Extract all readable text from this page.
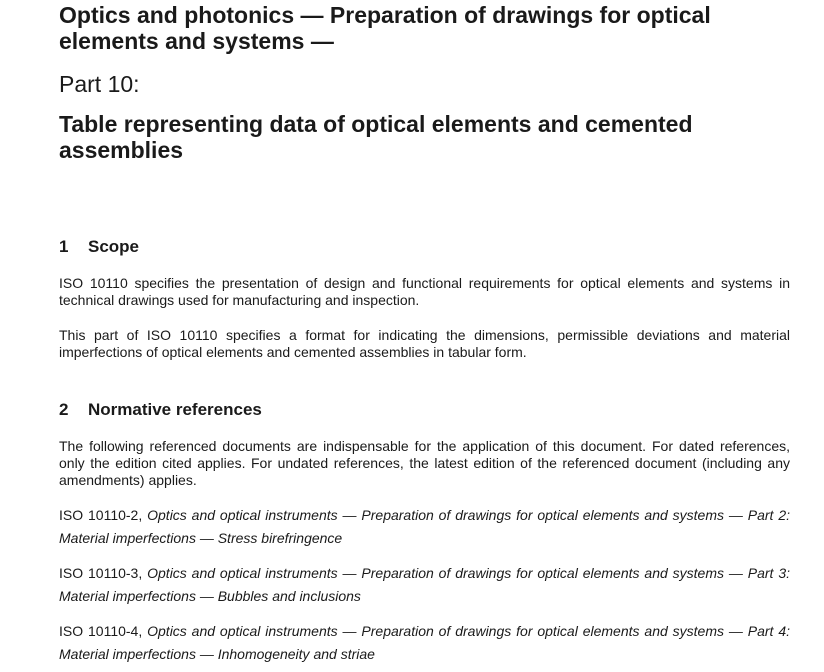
Optics and photonics — Preparation of drawings for optical elements and systems —
Part 10:
Table representing data of optical elements and cemented assemblies
1 Scope

ISO 10110 specifies the presentation of design and functional requirements for optical elements and systems in technical drawings used for manufacturing and inspection.

This part of ISO 10110 specifies a format for indicating the dimensions, permissible deviations and material imperfections of optical elements and cemented assemblies in tabular form.

2 Normative references

The following referenced documents are indispensable for the application of this document. For dated references, only the edition cited applies. For undated references, the latest edition of the referenced document (including any amendments) applies.

ISO 10110-2, Optics and optical instruments — Preparation of drawings for optical elements and systems — Part 2: Material imperfections — Stress birefringence

ISO 10110-3, Optics and optical instruments — Preparation of drawings for optical elements and systems — Part 3: Material imperfections — Bubbles and inclusions

ISO 10110-4, Optics and optical instruments — Preparation of drawings for optical elements and systems — Part 4: Material imperfections — Inhomogeneity and striae
